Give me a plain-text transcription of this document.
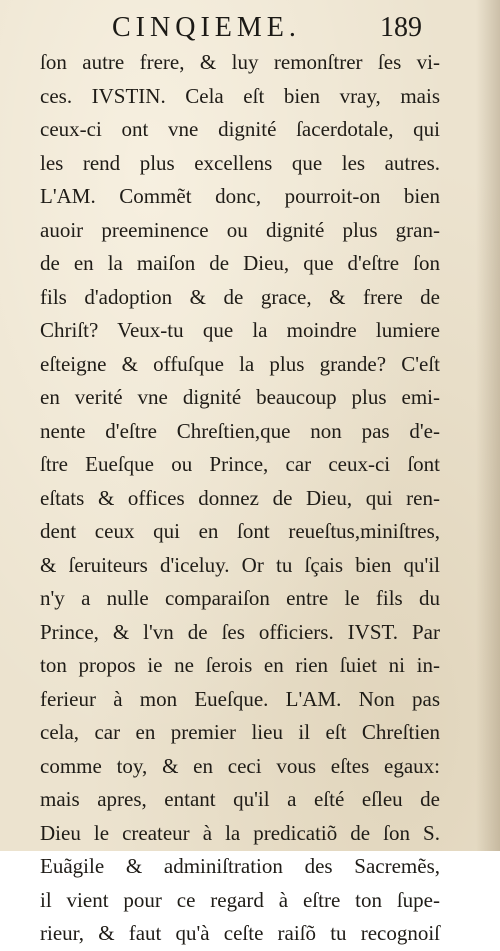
CINQIEME.	189
ſon autre frere, & luy remonſtrer ſes vi-
ces. IVSTIN. Cela eſt bien vray, mais
ceux-ci ont vne dignité ſacerdotale, qui
les rend plus excellens que les autres.
L'AM. Commẽt donc, pourroit-on bien
auoir preeminence ou dignité plus gran-
de en la maiſon de Dieu, que d'eſtre ſon
fils d'adoption & de grace, & frere de
Chriſt? Veux-tu que la moindre lumiere
eſteigne & offuſque la plus grande? C'eſt
en verité vne dignité beaucoup plus emi-
nente d'eſtre Chreſtien,que non pas d'e-
ſtre Eueſque ou Prince, car ceux-ci ſont
eſtats & offices donnez de Dieu, qui ren-
dent ceux qui en ſont reueſtus,miniſtres,
& ſeruiteurs d'iceluy. Or tu ſçais bien qu'il
n'y a nulle comparaiſon entre le fils du
Prince, & l'vn de ſes officiers. IVST. Par
ton propos ie ne ſerois en rien ſuiet ni in-
ferieur à mon Eueſque. L'AM. Non pas
cela, car en premier lieu il eſt Chreſtien
comme toy, & en ceci vous eſtes egaux:
mais apres, entant qu'il a eſté eſleu de
Dieu le createur à la predicatiõ de ſon S.
Euãgile & adminiſtration des Sacremẽs,
il vient pour ce regard à eſtre ton ſupe-
rieur, & faut qu'à ceſte raiſõ tu recognoiſ
